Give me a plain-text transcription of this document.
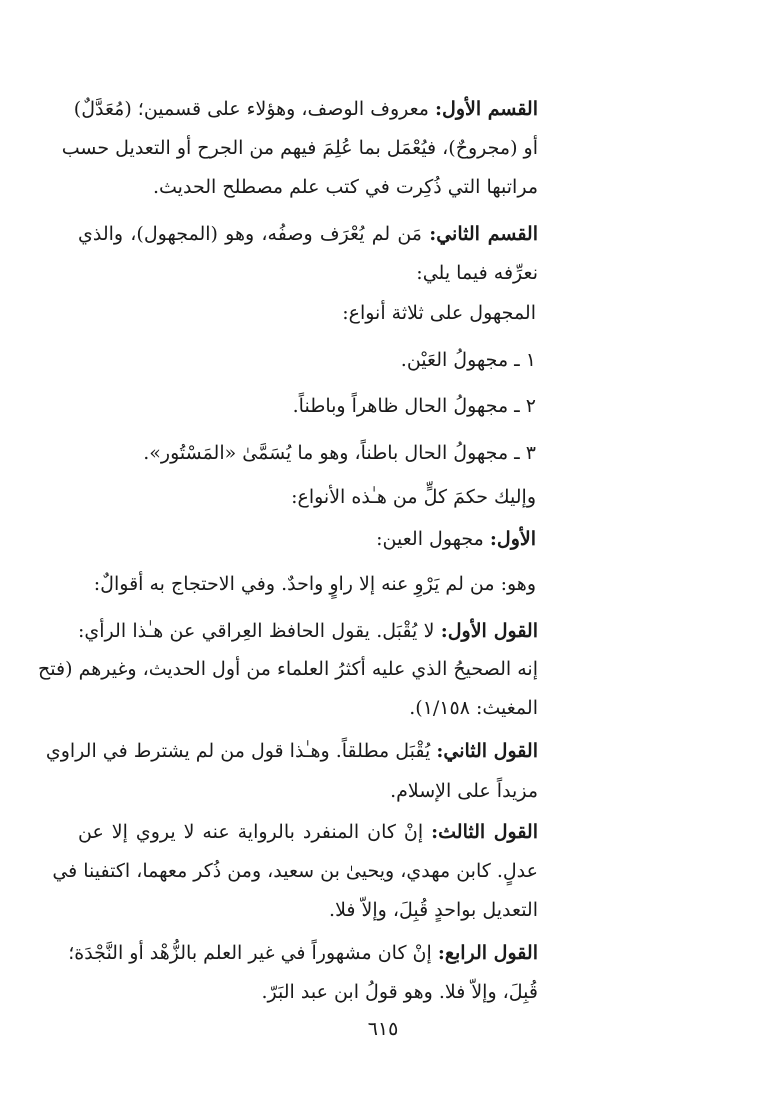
القسم الأول: معروف الوصف، وهؤلاء على قسمين؛ (مُعَدَّلٌ)
أو (مجروحٌ)، فيُعْمَل بما عُلِمَ فيهم من الجرح أو التعديل حسب
مراتبها التي ذُكِرت في كتب علم مصطلح الحديث.
القسم الثاني: مَن لم يُعْرَف وصفُه، وهو (المجهول)، والذي
نعرِّفه فيما يلي:
المجهول على ثلاثة أنواع:
١ ـ مجهولُ العَيْن.
٢ ـ مجهولُ الحال ظاهراً وباطناً.
٣ ـ مجهولُ الحال باطناً، وهو ما يُسَمَّىٰ «المَسْتُور».
وإليك حكمَ كلٍّ من هـٰذه الأنواع:
الأول: مجهول العين:
وهو: من لم يَرْوِ عنه إلا راوٍ واحدٌ. وفي الاحتجاج به أقوالٌ:
القول الأول: لا يُقْبَل. يقول الحافظ العِراقي عن هـٰذا الرأي:
إنه الصحيحُ الذي عليه أكثرُ العلماء من أول الحديث، وغيرهم (فتح
المغيث: ١/١٥٨).
القول الثاني: يُقْبَل مطلقاً. وهـٰذا قول من لم يشترط في الراوي
مزيداً على الإسلام.
القول الثالث: إنْ كان المنفرد بالرواية عنه لا يروي إلا عن
عدلٍ. كابن مهدي، ويحيىٰ بن سعيد، ومن ذُكر معهما، اكتفينا في
التعديل بواحدٍ قُبِلَ، وإلاّ فلا.
القول الرابع: إنْ كان مشهوراً في غير العلم بالزُّهْد أو النَّجْدَة؛
قُبِلَ، وإلاّ فلا. وهو قولُ ابن عبد البَرّ.
٦١٥
